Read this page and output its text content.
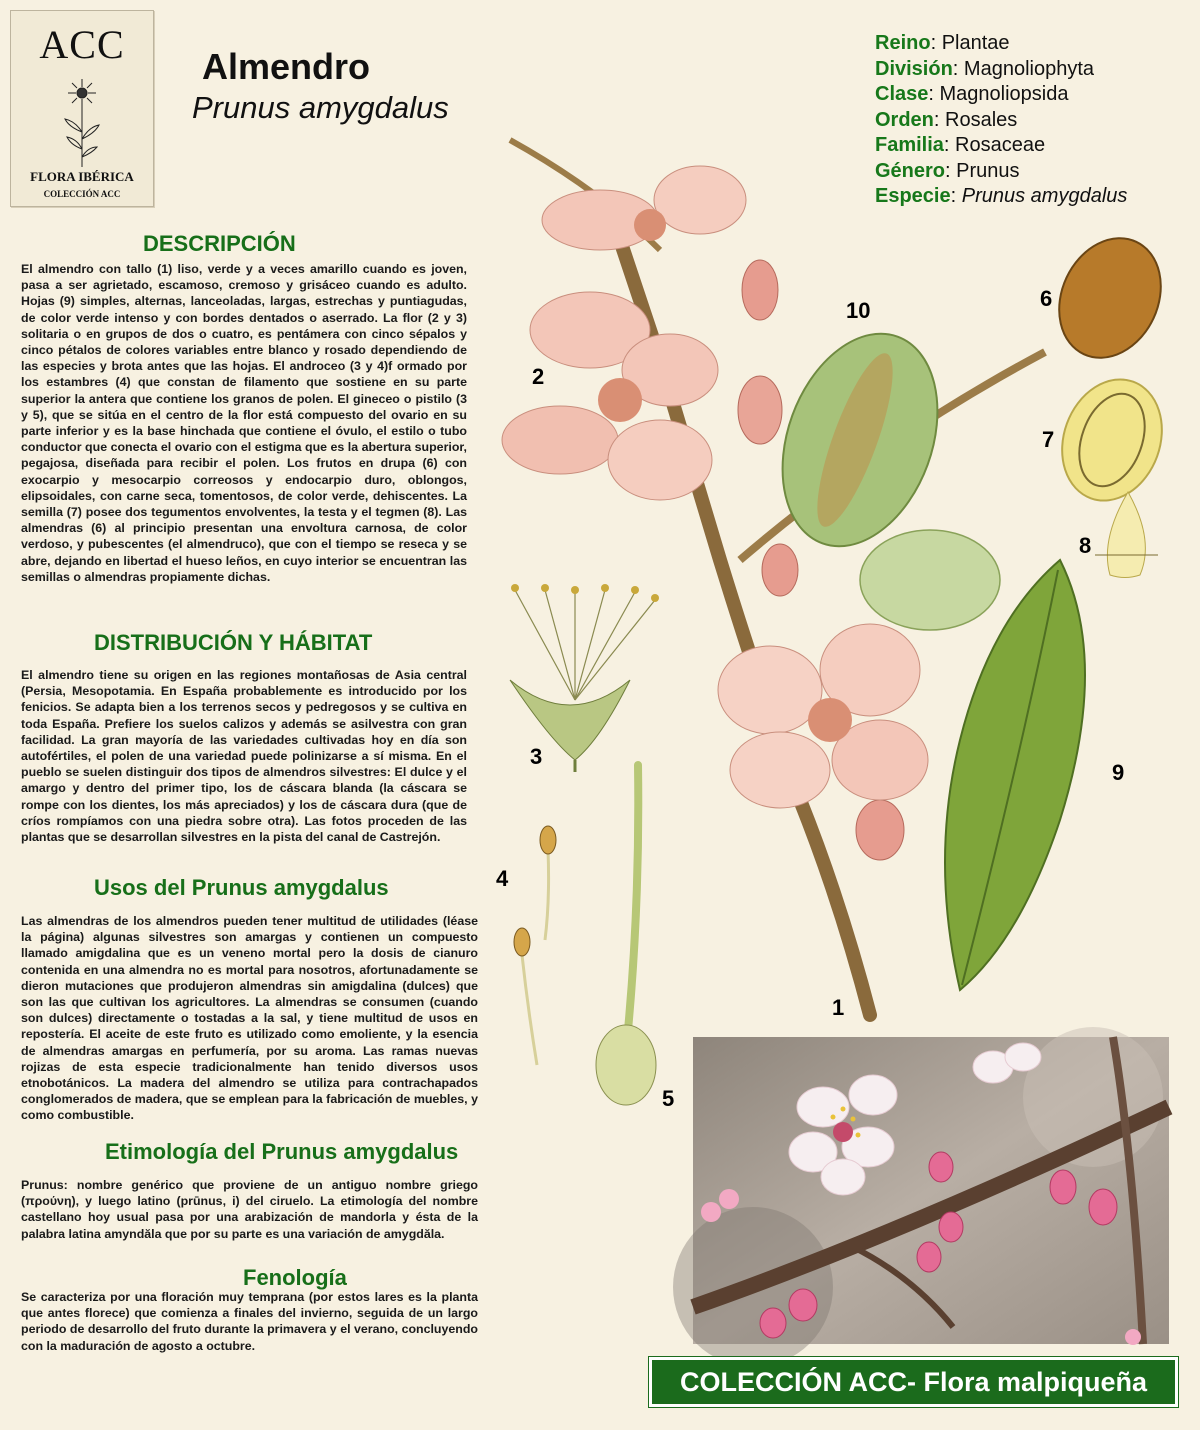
ACC
FLORA IBÉRICA
COLECCIÓN ACC
Almendro
Prunus amygdalus
Reino: Plantae
División: Magnoliophyta
Clase: Magnoliopsida
Orden: Rosales
Familia: Rosaceae
Género: Prunus
Especie: Prunus amygdalus
DESCRIPCIÓN

El almendro con tallo (1) liso, verde y a veces amarillo cuando es joven, pasa a ser agrietado, escamoso, cremoso y grisáceo cuando es adulto. Hojas (9) simples, alternas, lanceoladas, largas, estrechas y puntiagudas, de color verde intenso y con bordes dentados o aserrado. La flor (2 y 3) solitaria o en grupos de dos o cuatro, es pentámera con cinco sépalos y cinco pétalos de colores variables entre blanco y rosado dependiendo de las especies y brota antes que las hojas. El androceo (3 y 4)f ormado por los estambres (4) que constan de filamento que sostiene en su parte superior la antera que contiene los granos de polen. El gineceo o pistilo (3 y 5), que se sitúa en el centro de la flor está compuesto del ovario en su parte inferior y es la base hinchada que contiene el óvulo, el estilo o tubo conductor que conecta el ovario con el estigma que es la abertura superior, pegajosa, diseñada para recibir el polen. Los frutos en drupa (6) con exocarpio y mesocarpio correosos y endocarpio duro, oblongos, elipsoidales, con carne seca, tomentosos, de color verde, dehiscentes. La semilla (7) posee dos tegumentos envolventes, la testa y el tegmen (8). Las almendras (6) al principio presentan una envoltura carnosa, de color verdoso, y pubescentes (el almendruco), que con el tiempo se reseca y se abre, dejando en libertad el hueso leños, en cuyo interior se encuentran las semillas o almendras propiamente dichas.

DISTRIBUCIÓN Y HÁBITAT

El almendro tiene su origen en las regiones montañosas de Asia central (Persia, Mesopotamia. En España probablemente es introducido por los fenicios. Se adapta bien a los terrenos secos y pedregosos y se cultiva en toda España. Prefiere los suelos calizos y además se asilvestra con gran facilidad. La gran mayoría de las variedades cultivadas hoy en día son autofértiles, el polen de una variedad puede polinizarse a sí misma. En el pueblo se suelen distinguir dos tipos de almendros silvestres: El dulce y el amargo y dentro del primer tipo, los de cáscara blanda (la cáscara se rompe con los dientes, los más apreciados) y los de cáscara dura (que de críos rompíamos con una piedra sobre otra). Las fotos proceden de las plantas que se desarrollan silvestres en la pista del canal de Castrejón.

Usos del Prunus amygdalus

Las almendras de los almendros pueden tener multitud de utilidades (léase la página) algunas silvestres son amargas y contienen un compuesto llamado amigdalina que es un veneno mortal pero la dosis de cianuro contenida en una almendra no es mortal para nosotros, afortunadamente se dieron mutaciones que produjeron almendras sin amigdalina (dulces) que son las que cultivan los agricultores. La almendras se consumen (cuando son dulces) directamente o tostadas a la sal, y tiene multitud de usos en repostería. El aceite de este fruto es utilizado como emoliente, y la esencia de almendras amargas en perfumería, por su aroma. Las ramas nuevas rojizas de esta especie tradicionalmente han tenido diversos usos etnobotánicos. La madera del almendro se utiliza para contrachapados conglomerados de madera, que se emplean para la fabricación de muebles, y como combustible.

Etimología del Prunus amygdalus

Prunus: nombre genérico que proviene de un antiguo nombre griego (προύνη), y luego latino (prūnus, i) del ciruelo. La etimología del nombre castellano hoy usual pasa por una arabización de mandorla y ésta de la palabra latina amyndăla que por su parte es una variación de amygdăla.

Fenología

Se caracteriza por una floración muy temprana (por estos lares es la planta que antes florece) que comienza a finales del invierno, seguida de un largo periodo de desarrollo del fruto durante la primavera y el verano, concluyendo con la maduración de agosto a octubre.

1
2
3
4
5
6
7
8
9
10
COLECCIÓN ACC- Flora malpiqueña
